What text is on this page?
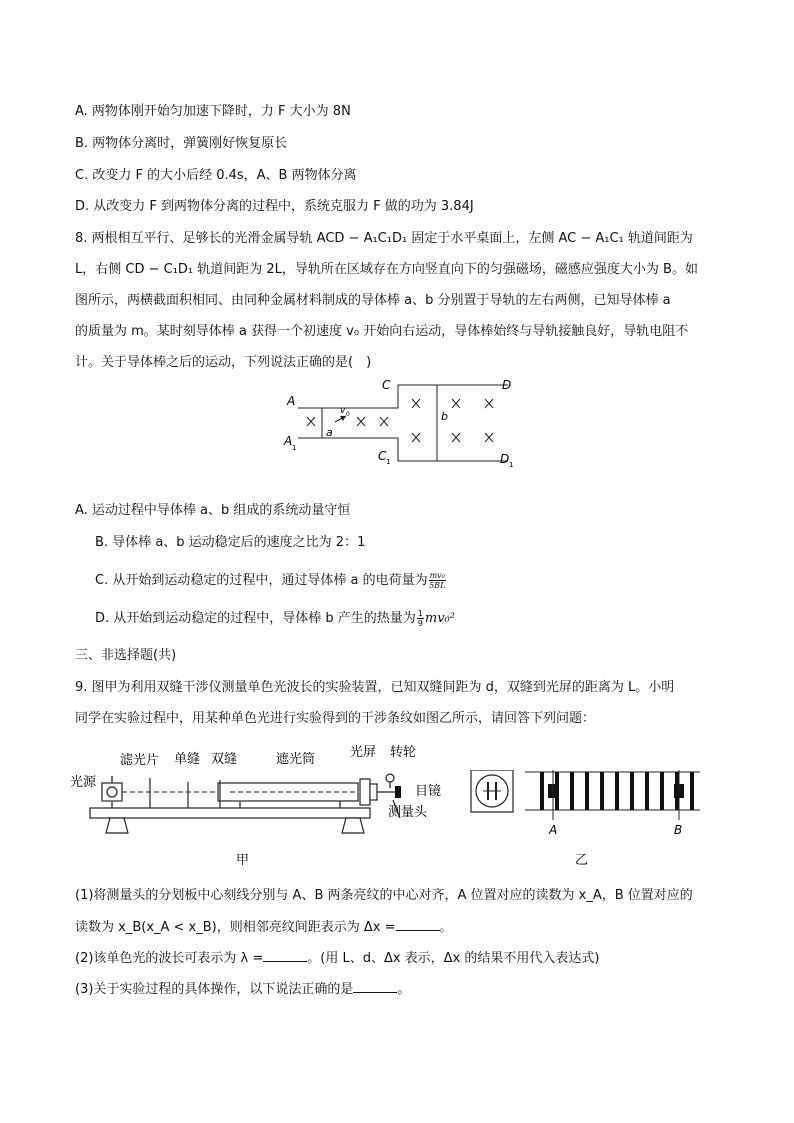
A. 两物体刚开始匀加速下降时，力 F 大小为 8N
B. 两物体分离时，弹簧刚好恢复原长
C. 改变力 F 的大小后经 0.4s，A、B 两物体分离
D. 从改变力 F 到两物体分离的过程中，系统克服力 F 做的功为 3.84J
8. 两根相互平行、足够长的光滑金属导轨 ACD − A₁C₁D₁ 固定于水平桌面上，左侧 AC − A₁C₁ 轨道间距为
L，右侧 CD − C₁D₁ 轨道间距为 2L，导轨所在区域存在方向竖直向下的匀强磁场，磁感应强度大小为 B。如
图所示，两横截面积相同、由同种金属材料制成的导体棒 a、b 分别置于导轨的左右两侧，已知导体棒 a
的质量为 m。某时刻导体棒 a 获得一个初速度 v₀ 开始向右运动，导体棒始终与导轨接触良好，导轨电阻不
计。关于导体棒之后的运动，下列说法正确的是(　)
A
A 1
C
C 1
D
D 1
a
b
v 0
A. 运动过程中导体棒 a、b 组成的系统动量守恒
B. 导体棒 a、b 运动稳定后的速度之比为 2：1
C. 从开始到运动稳定的过程中，通过导体棒 a 的电荷量为 $\frac{\text{mv₀}}{5BL}$
D. 从开始到运动稳定的过程中，导体棒 b 产生的热量为 $\frac{1}{9} mv_0^2$
三、非选择题(共)
9. 图甲为利用双缝干涉仪测量单色光波长的实验装置，已知双缝间距为 d，双缝到光屏的距离为 L。小明
同学在实验过程中，用某种单色光进行实验得到的干涉条纹如图乙所示，请回答下列问题：
光源
滤光片 单缝 双缝	遮光筒	光屏 转轮
目镜
测量头
甲
A	B
乙
(1)将测量头的分划板中心刻线分别与 A、B 两条亮纹的中心对齐，A 位置对应的读数为 x_A，B 位置对应的
读数为 x_B(x_A < x_B)，则相邻亮纹间距表示为 Δx =	。
(2)该单色光的波长可表示为 λ =	。(用 L、d、Δx 表示，Δx 的结果不用代入表达式)
(3)关于实验过程的具体操作，以下说法正确的是	。
